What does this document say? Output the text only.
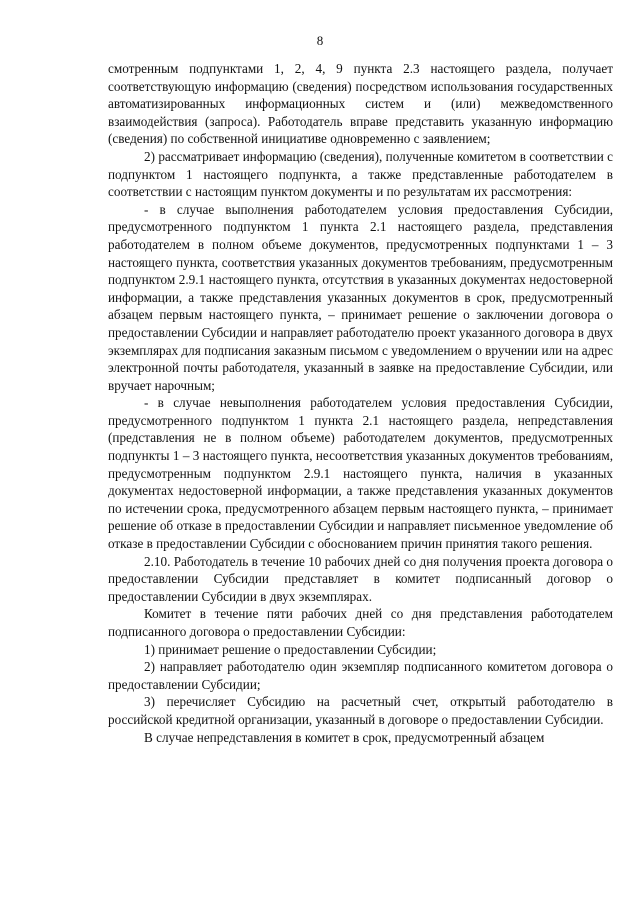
8

смотренным подпунктами 1, 2, 4, 9 пункта 2.3 настоящего раздела, получает соответствующую информацию (сведения) посредством использования государственных автоматизированных информационных систем и (или) межведомственного взаимодействия (запроса). Работодатель вправе представить указанную информацию (сведения) по собственной инициативе одновременно с заявлением;

2) рассматривает информацию (сведения), полученные комитетом в соответствии с подпунктом 1 настоящего подпункта, а также представленные работодателем в соответствии с настоящим пунктом документы и по результатам их рассмотрения:

- в случае выполнения работодателем условия предоставления Субсидии, предусмотренного подпунктом 1 пункта 2.1 настоящего раздела, представления работодателем в полном объеме документов, предусмотренных подпунктами 1 – 3 настоящего пункта, соответствия указанных документов требованиям, предусмотренным подпунктом 2.9.1 настоящего пункта, отсутствия в указанных документах недостоверной информации, а также представления указанных документов в срок, предусмотренный абзацем первым настоящего пункта, – принимает решение о заключении договора о предоставлении Субсидии и направляет работодателю проект указанного договора в двух экземплярах для подписания заказным письмом с уведомлением о вручении или на адрес электронной почты работодателя, указанный в заявке на предоставление Субсидии, или вручает нарочным;

- в случае невыполнения работодателем условия предоставления Субсидии, предусмотренного подпунктом 1 пункта 2.1 настоящего раздела, непредставления (представления не в полном объеме) работодателем документов, предусмотренных подпункты 1 – 3 настоящего пункта, несоответствия указанных документов требованиям, предусмотренным подпунктом 2.9.1 настоящего пункта, наличия в указанных документах недостоверной информации, а также представления указанных документов по истечении срока, предусмотренного абзацем первым настоящего пункта, – принимает решение об отказе в предоставлении Субсидии и направляет письменное уведомление об отказе в предоставлении Субсидии с обоснованием причин принятия такого решения.

2.10. Работодатель в течение 10 рабочих дней со дня получения проекта договора о предоставлении Субсидии представляет в комитет подписанный договор о предоставлении Субсидии в двух экземплярах.

Комитет в течение пяти рабочих дней со дня представления работодателем подписанного договора о предоставлении Субсидии:

1) принимает решение о предоставлении Субсидии;

2) направляет работодателю один экземпляр подписанного комитетом договора о предоставлении Субсидии;

3) перечисляет Субсидию на расчетный счет, открытый работодателю в российской кредитной организации, указанный в договоре о предоставлении Субсидии.

В случае непредставления в комитет в срок, предусмотренный абзацем
